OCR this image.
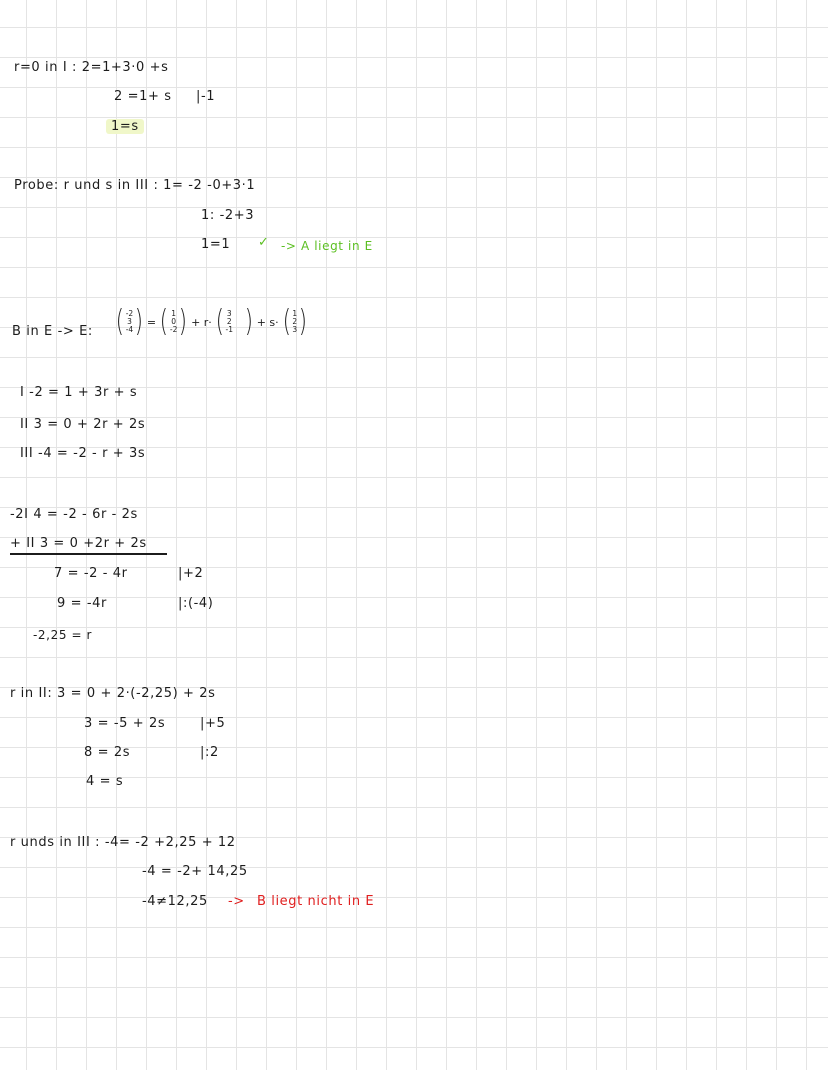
r=0 in I : 2=1+3·0 +s
2 =1+ s |-1
1=s
Probe: r und s in III : 1= -2 -0+3·1
1: -2+3
1=1 ✓ -> A liegt in E
B in E -> E: ( -2
3
-4 ) = ( 1
0
-2 ) + r· ( 3
2
-1 ) + s· ( 1
2
3 )
I -2 = 1 + 3r + s
II 3 = 0 + 2r + 2s
III -4 = -2 - r + 3s
-2I 4 = -2 - 6r - 2s
+ II 3 = 0 +2r + 2s
7 = -2 - 4r	|+2
9 = -4r	|:(-4)
-2,25 = r
r in II: 3 = 0 + 2·(-2,25) + 2s
3 = -5 + 2s	|+5
8 = 2s	|:2
4 = s
r unds in III : -4= -2 +2,25 + 12
-4 = -2+ 14,25
-4≠12,25 -> B liegt nicht in E
